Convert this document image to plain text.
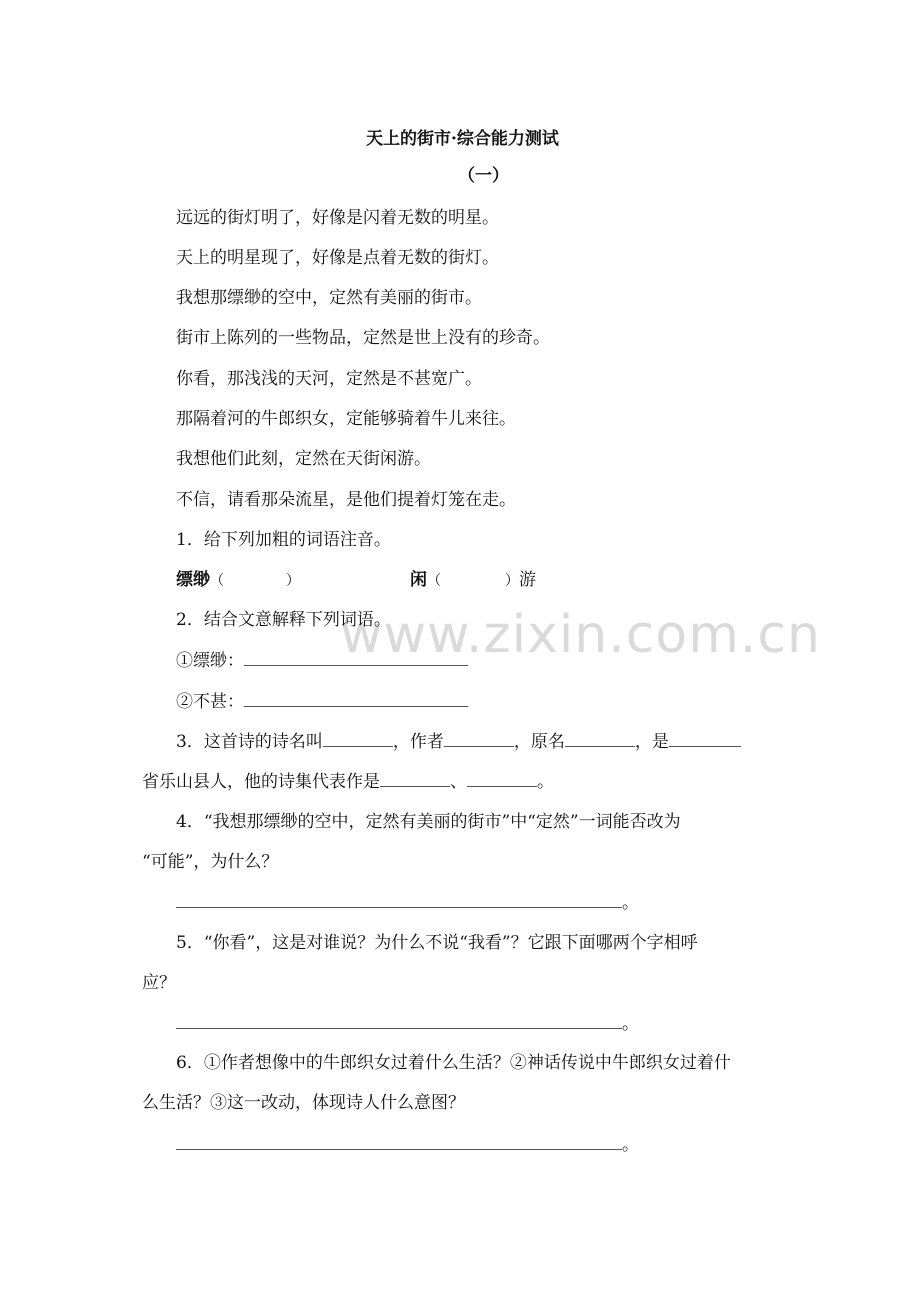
www.zixin.com.cn
天上的街市·综合能力测试
（一）
远远的街灯明了，好像是闪着无数的明星。
天上的明星现了，好像是点着无数的街灯。
我想那缥缈的空中，定然有美丽的街市。
街市上陈列的一些物品，定然是世上没有的珍奇。
你看，那浅浅的天河，定然是不甚宽广。
那隔着河的牛郎织女，定能够骑着牛儿来往。
我想他们此刻，定然在天街闲游。
不信，请看那朵流星，是他们提着灯笼在走。
1．给下列加粗的词语注音。
缥缈（	）	闲（	）游
2．结合文意解释下列词语。
①缥缈：
②不甚：
3．这首诗的诗名叫	，作者	，原名	，是
省乐山县人，他的诗集代表作是	、	。
4．“我想那缥缈的空中，定然有美丽的街市”中“定然”一词能否改为
“可能”，为什么？
。
5．“你看”，这是对谁说？为什么不说“我看”？它跟下面哪两个字相呼
应？
。
6．①作者想像中的牛郎织女过着什么生活？②神话传说中牛郎织女过着什
么生活？③这一改动，体现诗人什么意图？
。
